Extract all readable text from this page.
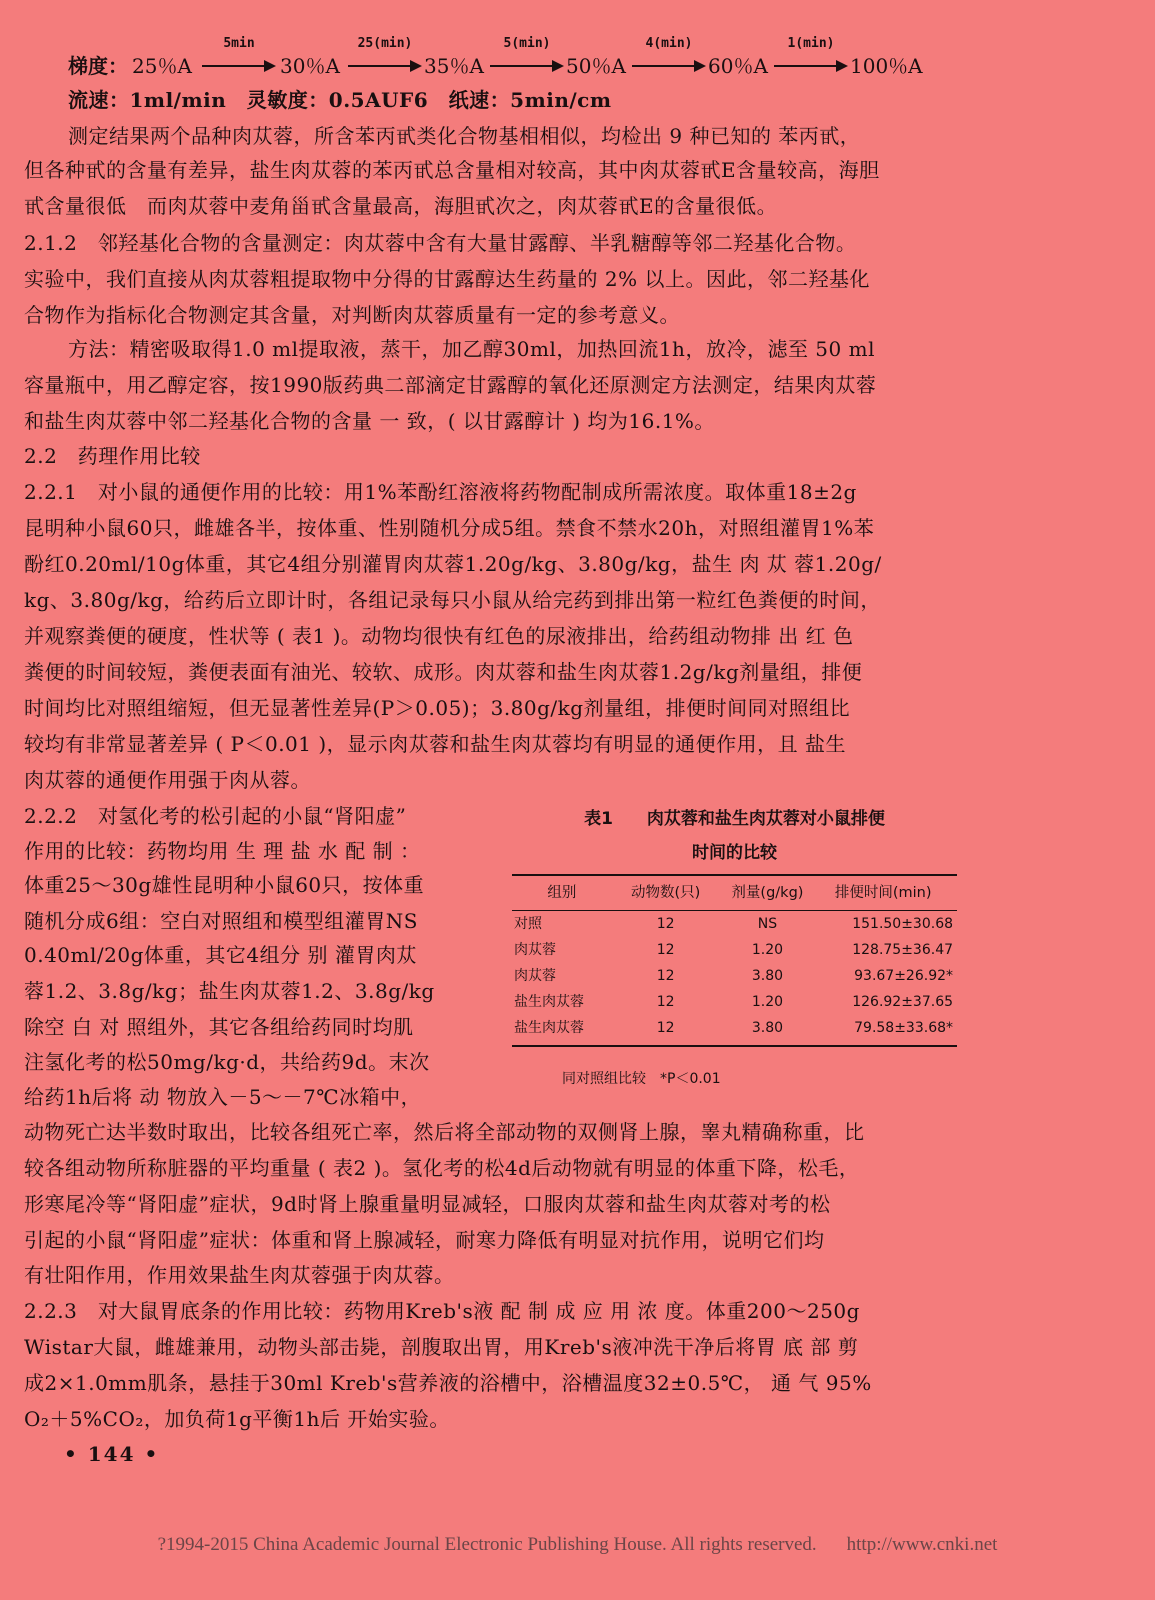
梯度： 25％A
5min
30％A
25(min)
35％A
5(min)
50％A
4(min)
60％A
1(min)
100％A
流速：1ml/min　灵敏度：0.5AUF6　纸速：5min/cm
测定结果两个品种肉苁蓉，所含苯丙甙类化合物基相相似，均检出 9 种已知的 苯丙甙，
但各种甙的含量有差异，盐生肉苁蓉的苯丙甙总含量相对较高，其中肉苁蓉甙E含量较高，海胆
甙含量很低　而肉苁蓉中麦角甾甙含量最高，海胆甙次之，肉苁蓉甙E的含量很低。
2.1.2　邻羟基化合物的含量测定：肉苁蓉中含有大量甘露醇、半乳糖醇等邻二羟基化合物。
实验中，我们直接从肉苁蓉粗提取物中分得的甘露醇达生药量的 2% 以上。因此，邻二羟基化
合物作为指标化合物测定其含量，对判断肉苁蓉质量有一定的参考意义。
方法：精密吸取得1.0 ml提取液，蒸干，加乙醇30ml，加热回流1h，放冷，滤至 50 ml
容量瓶中，用乙醇定容，按1990版药典二部滴定甘露醇的氧化还原测定方法测定，结果肉苁蓉
和盐生肉苁蓉中邻二羟基化合物的含量 一 致，( 以甘露醇计 ) 均为16.1%。
2.2　药理作用比较
2.2.1　对小鼠的通便作用的比较：用1%苯酚红溶液将药物配制成所需浓度。取体重18±2g
昆明种小鼠60只，雌雄各半，按体重、性别随机分成5组。禁食不禁水20h，对照组灌胃1%苯
酚红0.20ml/10g体重，其它4组分别灌胃肉苁蓉1.20g/kg、3.80g/kg，盐生 肉 苁 蓉1.20g/
kg、3.80g/kg，给药后立即计时，各组记录每只小鼠从给完药到排出第一粒红色粪便的时间，
并观察粪便的硬度，性状等 ( 表1 )。动物均很快有红色的尿液排出，给药组动物排 出 红 色
粪便的时间较短，粪便表面有油光、较软、成形。肉苁蓉和盐生肉苁蓉1.2g/kg剂量组，排便
时间均比对照组缩短，但无显著性差异(P＞0.05)；3.80g/kg剂量组，排便时间同对照组比
较均有非常显著差异 ( P＜0.01 )，显示肉苁蓉和盐生肉苁蓉均有明显的通便作用，且 盐生
肉苁蓉的通便作用强于肉从蓉。
2.2.2　对氢化考的松引起的小鼠“肾阳虚”
作用的比较：药物均用 生 理 盐 水 配 制 ：
体重25～30g雄性昆明种小鼠60只，按体重
随机分成6组：空白对照组和模型组灌胃NS
0.40ml/20g体重，其它4组分 别 灌胃肉苁
蓉1.2、3.8g/kg；盐生肉苁蓉1.2、3.8g/kg
除空 白 对 照组外，其它各组给药同时均肌
注氢化考的松50mg/kg·d，共给药9d。末次
给药1h后将 动 物放入－5～－7℃冰箱中，
表1　　肉苁蓉和盐生肉苁蓉对小鼠排便
时间的比较
组别	动物数(只)	剂量(g/kg)	排便时间(min)
对照	12	NS	151.50±30.68
肉苁蓉	12	1.20	128.75±36.47
肉苁蓉	12	3.80	93.67±26.92*
盐生肉苁蓉	12	1.20	126.92±37.65
盐生肉苁蓉	12	3.80	79.58±33.68*
同对照组比较　*P＜0.01
动物死亡达半数时取出，比较各组死亡率，然后将全部动物的双侧肾上腺，睾丸精确称重，比
较各组动物所称脏器的平均重量 ( 表2 )。氢化考的松4d后动物就有明显的体重下降，松毛，
形寒尾冷等“肾阳虚”症状，9d时肾上腺重量明显减轻，口服肉苁蓉和盐生肉苁蓉对考的松
引起的小鼠“肾阳虚”症状：体重和肾上腺减轻，耐寒力降低有明显对抗作用，说明它们均
有壮阳作用，作用效果盐生肉苁蓉强于肉苁蓉。
2.2.3　对大鼠胃底条的作用比较：药物用Kreb's液 配 制 成 应 用 浓 度。体重200～250g
Wistar大鼠，雌雄兼用，动物头部击毙，剖腹取出胃，用Kreb's液冲洗干净后将胃 底 部 剪
成2×1.0mm肌条，悬挂于30ml Kreb's营养液的浴槽中，浴槽温度32±0.5℃， 通 气 95%
O₂＋5%CO₂，加负荷1g平衡1h后 开始实验。
• 144 •
?1994-2015 China Academic Journal Electronic Publishing House. All rights reserved. http://www.cnki.net
